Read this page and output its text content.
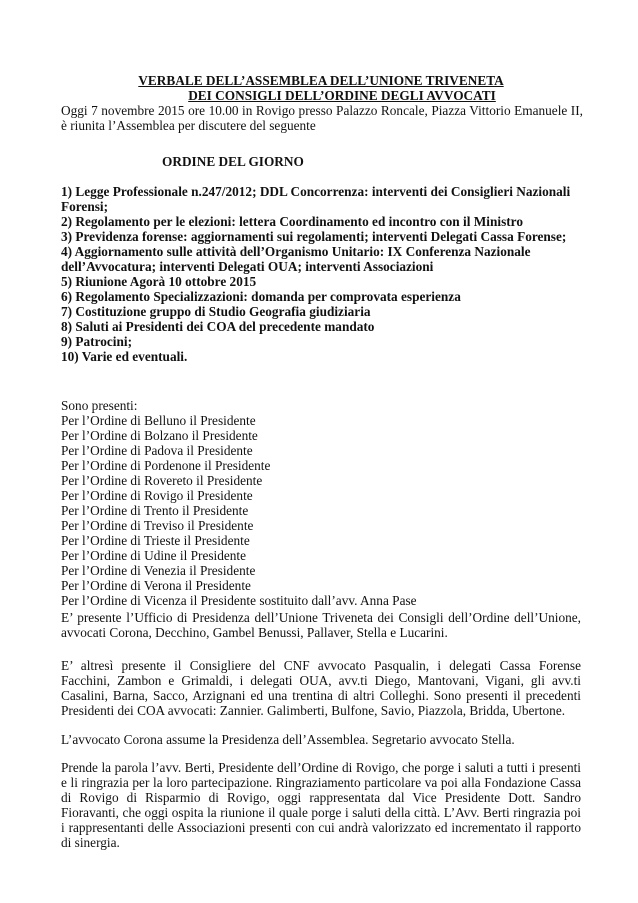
VERBALE DELL’ASSEMBLEA DELL’UNIONE TRIVENETA
DEI CONSIGLI DELL’ORDINE DEGLI AVVOCATI
Oggi 7 novembre 2015 ore 10.00 in Rovigo presso Palazzo Roncale, Piazza Vittorio Emanuele II, è riunita l’Assemblea per discutere del seguente
ORDINE DEL GIORNO
1) Legge Professionale n.247/2012; DDL Concorrenza: interventi dei Consiglieri Nazionali Forensi;
2) Regolamento per le elezioni: lettera Coordinamento ed incontro con il Ministro
3) Previdenza forense: aggiornamenti sui regolamenti; interventi Delegati Cassa Forense;
4) Aggiornamento sulle attività dell’Organismo Unitario: IX Conferenza Nazionale dell’Avvocatura; interventi Delegati OUA; interventi Associazioni
5) Riunione Agorà 10 ottobre 2015
6) Regolamento Specializzazioni: domanda per comprovata esperienza
7) Costituzione gruppo di Studio Geografia giudiziaria
8) Saluti ai Presidenti dei COA del precedente mandato
9) Patrocini;
10) Varie ed eventuali.
Sono presenti:
Per l’Ordine di Belluno il Presidente
Per l’Ordine di Bolzano il Presidente
Per l’Ordine di Padova il Presidente
Per l’Ordine di Pordenone il Presidente
Per l’Ordine di Rovereto il Presidente
Per l’Ordine di Rovigo il Presidente
Per l’Ordine di Trento il Presidente
Per l’Ordine di Treviso il Presidente
Per l’Ordine di Trieste il Presidente
Per l’Ordine di Udine il Presidente
Per l’Ordine di Venezia il Presidente
Per l’Ordine di Verona il Presidente
Per l’Ordine di Vicenza il Presidente sostituito dall’avv. Anna Pase
E’ presente l’Ufficio di Presidenza dell’Unione Triveneta dei Consigli dell’Ordine dell’Unione, avvocati Corona, Decchino, Gambel Benussi, Pallaver, Stella e Lucarini.
E’ altresì presente il Consigliere del CNF avvocato Pasqualin, i delegati Cassa Forense
Facchini, Zambon e Grimaldi, i delegati OUA, avv.ti Diego, Mantovani, Vigani, gli avv.ti Casalini, Barna, Sacco, Arzignani ed una trentina di altri Colleghi. Sono presenti il precedenti Presidenti dei COA avvocati: Zannier. Galimberti, Bulfone, Savio, Piazzola, Bridda, Ubertone.
L’avvocato Corona assume la Presidenza dell’Assemblea. Segretario avvocato Stella.
Prende la parola l’avv. Berti, Presidente dell’Ordine di Rovigo, che porge i saluti a tutti i presenti e li ringrazia per la loro partecipazione. Ringraziamento particolare va poi alla Fondazione Cassa di Rovigo di Risparmio di Rovigo, oggi rappresentata dal Vice Presidente Dott. Sandro Fioravanti, che oggi ospita la riunione il quale porge i saluti della città. L’Avv. Berti ringrazia poi i rappresentanti delle Associazioni presenti con cui andrà valorizzato ed incrementato il rapporto di sinergia.
